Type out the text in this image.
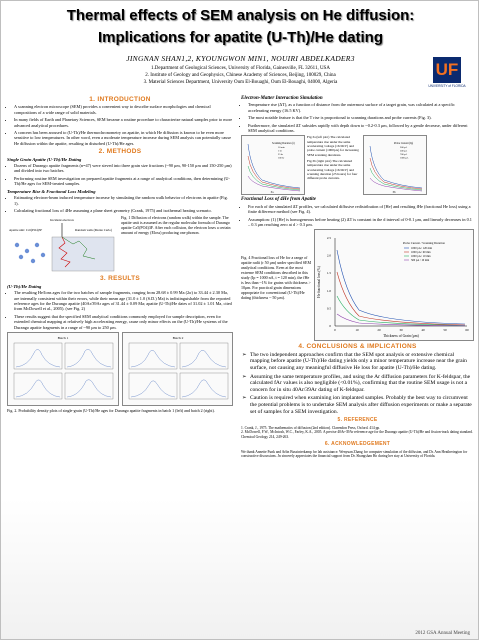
Thermal effects of SEM analysis on He diffusion:
Implications for apatite (U-Th)/He dating
JINGNAN SHAN1,2, KYOUNGWON MIN1, NOUIRI ABDELKADER3
1.Department of Geological Sciences, University of Florida, Gainesville, FL 32611, USA
2. Institute of Geology and Geophysics, Chinese Academy of Sciences, Beijing, 100029, China
3. Material Sciences Department, University Oum El-Bouaghi, Oum El-Bouaghi, 04000, Algeria
UF
UNIVERSITY of FLORIDA
1. INTRODUCTION
• A scanning electron microscope (SEM) provides a convenient way to describe surface morphologies and chemical compositions of a wide range of solid materials.
• In many fields of Earth and Planetary Sciences, SEM became a routine procedure to characterize natural samples prior to more advanced analytical procedures.
• A concern has been aroused to (U-Th)/He thermochronometry on apatite, in which He diffusion is known to be even more sensitive to low temperatures. In other word, even a moderate temperature increase during SEM analysis can potentially cause He diffusion within the apatite, resulting in disturbed (U-Th)/He ages.
2. METHODS
Single Grain Apatite (U-Th)/He Dating
• Dozens of Durango apatite fragments (n=47) were sieved into three grain size fractions (~90 μm, 90-150 μm and 150-250 μm) and divided into two batches.
• Performing routine SEM investigation on prepared apatite fragments at a range of analytical conditions, then determining (U-Th)/He ages for SEM-treated samples.
Temperature Rise & Fractional Loss Modeling
• Estimating electron-beam induced temperature increase by simulating the random walk behavior of electrons in apatite (Fig. 1).
• Calculating fractional loss of 4He assuming a plane sheet geometry (Crank, 1975) and isothermal heating scenario.
Incident electron
Apatite unit: Ca5(PO4)3F	Random walk (Monte Carlo)
Fig. 1 Diffusion of electrons (random walk) within the sample. The apatite unit is assumed as the regular molecular formula of Durango apatite Ca5(PO4)3F. After each collision, the electron loses a certain amount of energy (Eloss) producing one phonon.
3. RESULTS
(U-Th)/He Dating
• The resulting He/Ions ages for the two batches of sample fragments, ranging from 28.68 ± 0.99 Ma (2σ) to 33.44 ± 2.30 Ma, are internally consistent within their errors, while their mean age (31.0 ± 1.0 (S.D.) Ma) is indistinguishable from the reported reference ages for the Durango apatite (40Ar/39Ar ages of 31.44 ± 0.09 Ma; apatite (U-Th)/He dates of 31.02 ± 1.01 Ma, cited from McDowell et al., 2005). (see Fig. 2)
• These results suggest that the specified SEM analytical conditions commonly employed for sample description, even for extended chemical mapping at relatively high accelerating energy, cause only minor effects on the (U-Th)/He systems of the Durango apatite fragments in a range of ~90 μm to 250 μm.
Batch 1	Batch 2
Fig. 2. Probability density plots of single-grain (U-Th)/He ages for Durango apatite fragments in batch 1 (left) and batch 2 (right).
Electron-Matter Interaction Simulation
• Temperature rise (ΔT), as a function of distance from the outermost surface of a target grain, was calculated at a specific accelerating energy (16.5 KV).
• The most notable feature is that the T rise is proportional to scanning durations and probe currents (Fig. 3).
• Furthermore, the simulated ΔT subsides rapidly with depth down to ~0.2-0.3 μm, followed by a gentle decrease, under different SEM analytical conditions.
Scanning Duration (t)
10 min
1 hr
25 hr
100 hr
3a
Fig.3a (left plot) The calculated temperature rise under the same accelerating voltage (16.5KV) and probe current (1000pA) for increasing SEM scanning durations.
Fig.3b (right plot) The calculated temperature rise under the same accelerating voltage (16.5KV) and scanning duration (25 hours) for four different probe currents.
Probe Current (Ip)
300 pA
500 pA
700 pA
1000 pA
3b
Fractional Loss of 4He from Apatite
• For each of the simulated ΔT profiles, we calculated diffusive redistribution of [He] and resulting fHe (fractional He loss) using a finite difference method (see Fig. 4).
• Assumption: (1) [He] is homogeneous before heating (2) ΔT is constant in the d interval of 0-0.1 μm, and linearly decreases in 0.1 – 0.3 μm reaching zero at d > 0.3 μm.
Fig. 4 Fractional loss of He for a range of apatite radii (r 50 μm) under specified SEM analytical conditions. Even at the most extreme SEM conditions described in this study (Ip = 1000 nA, t = 120 min), the fHe is less than ~1% for grains with thickness > 10μm. For practical grain dimensions appropriate for conventional (U-Th)/He dating (thickness ~ 50 μm).
0
0.5
1.0
1.5
2.0
2.5
0	10	20	30	40	50	60
Thickness of Grain (μm)
He fractional loss (%)
Probe Current / Scanning Duration
1000 pA / 120 min
1000 pA / 60 min
1000 pA / 10 min
500 pA / 10 min
4. CONCLUSIONS & IMPLICATIONS
➢ The two independent approaches confirm that the SEM spot analysis or extensive chemical mapping before apatite (U-Th)/He dating yields only a minor temperature increase near the grain surface, not causing any meaningful diffusive He loss for apatite (U-Th)/He dating.
➢ Assuming the same temperature profiles, and using the Ar diffusion parameters for K-feldspar, the calculated fAr values is also negligible (<0.01%), confirming that the routine SEM usage is not a concern for in situ 40Ar/39Ar dating of K-feldspar.
➢ Caution is required when examining ion implanted samples. Probably the best way to circumvent the potential problems is to undertake SEM analysis after diffusion experiments or make a separate set of samples for a SEM investigation.
5. REFERENCE
1. Crank, J., 1975. The mathematics of diffusion (2nd edition). Clarendon Press, Oxford. 414 pp.
2. McDowell, F.W., McIntosh, W.C., Farley, K.A., 2005. A precise 40Ar-39Ar reference age for the Durango apatite (U-Th)/He and fission-track dating standard. Chemical Geology 214, 249-263.
6. ACKNOWLEDGEMENT
We thank Annette Funk and Arlin Bussinterkamp for lab assistance. Wenyuan Zhang for computer simulation of the diffusion, and Dr. Ann Heatherington for constructive discussions. Jn sincerely appreciates the financial support from Dr. Shangshan Ho during her stay at University of Florida.
2012 GSA Annual Meeting
